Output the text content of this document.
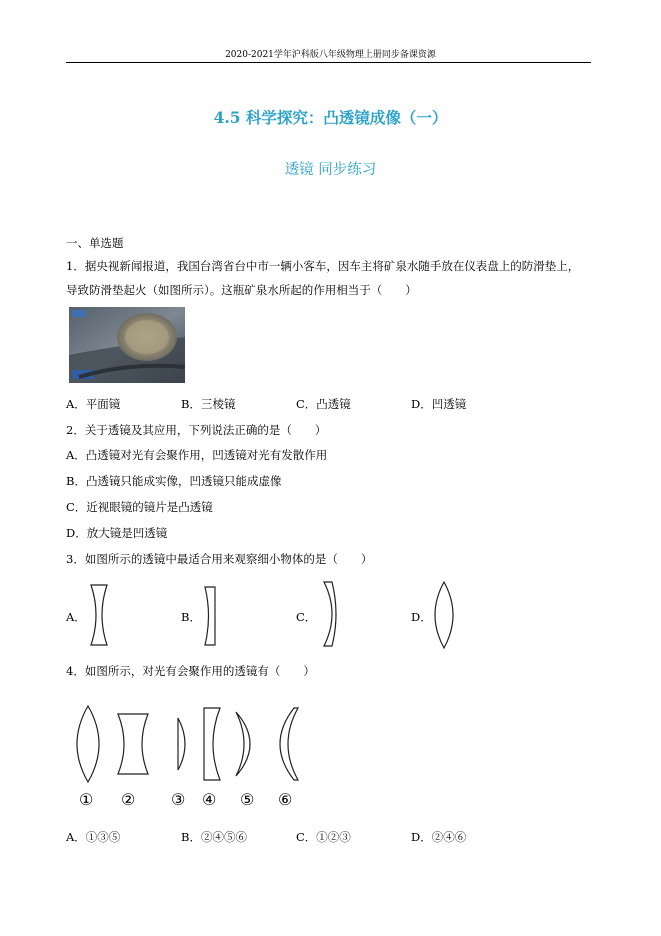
2020-2021学年沪科版八年级物理上册同步备课资源
4.5 科学探究：凸透镜成像（一）
透镜 同步练习
一、单选题
1．据央视新闻报道，我国台湾省台中市一辆小客车，因车主将矿泉水随手放在仪表盘上的防滑垫上，
导致防滑垫起火（如图所示）。这瓶矿泉水所起的作用相当于（　　）
A．平面镜	B．三棱镜	C．凸透镜	D．凹透镜
2．关于透镜及其应用，下列说法正确的是（　　）
A．凸透镜对光有会聚作用，凹透镜对光有发散作用
B．凸透镜只能成实像，凹透镜只能成虚像
C．近视眼镜的镜片是凸透镜
D．放大镜是凹透镜
3．如图所示的透镜中最适合用来观察细小物体的是（　　）
A．	B．	C．	D．
4．如图所示，对光有会聚作用的透镜有（　　）
① ② ③ ④ ⑤ ⑥
A．①③⑤	B．②④⑤⑥	C．①②③	D．②④⑥
